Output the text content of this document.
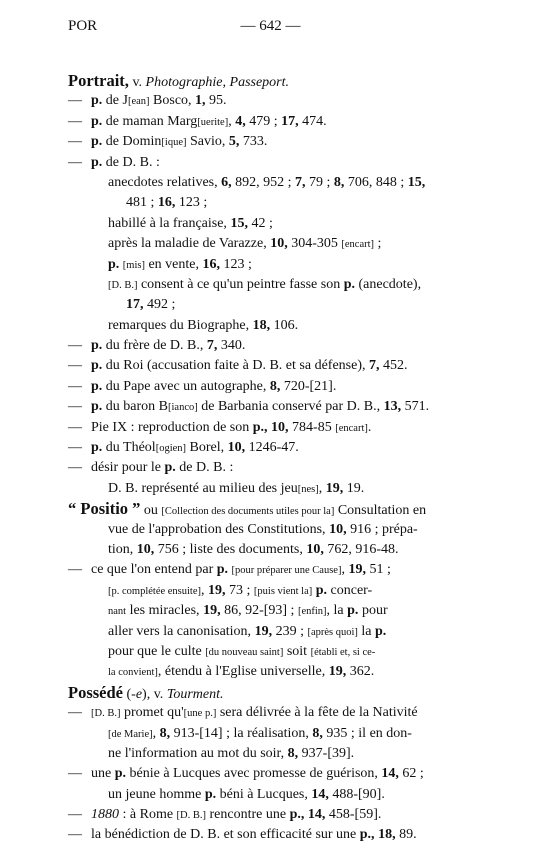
POR	— 642 —
Portrait, v. Photographie, Passeport.
— p. de J[ean] Bosco, 1, 95.
— p. de maman Marg[uerite], 4, 479 ; 17, 474.
— p. de Domin[ique] Savio, 5, 733.
— p. de D. B. :
anecdotes relatives, 6, 892, 952 ; 7, 79 ; 8, 706, 848 ; 15,
481 ; 16, 123 ;
habillé à la française, 15, 42 ;
après la maladie de Varazze, 10, 304-305 [encart] ;
p. [mis] en vente, 16, 123 ;
[D. B.] consent à ce qu'un peintre fasse son p. (anecdote),
17, 492 ;
remarques du Biographe, 18, 106.
— p. du frère de D. B., 7, 340.
— p. du Roi (accusation faite à D. B. et sa défense), 7, 452.
— p. du Pape avec un autographe, 8, 720-[21].
— p. du baron B[ianco] de Barbania conservé par D. B., 13, 571.
— Pie IX : reproduction de son p., 10, 784-85 [encart].
— p. du Théol[ogien] Borel, 10, 1246-47.
— désir pour le p. de D. B. :
D. B. représenté au milieu des jeu[nes], 19, 19.
“ Positio ” ou [Collection des documents utiles pour la] Consultation en
vue de l'approbation des Constitutions, 10, 916 ; prépa-
tion, 10, 756 ; liste des documents, 10, 762, 916-48.
— ce que l'on entend par p. [pour préparer une Cause], 19, 51 ;
[p. complétée ensuite], 19, 73 ; [puis vient la] p. concer-
nant les miracles, 19, 86, 92-[93] ; [enfin], la p. pour
aller vers la canonisation, 19, 239 ; [après quoi] la p.
pour que le culte [du nouveau saint] soit [établi et, si ce-
la convient], étendu à l'Eglise universelle, 19, 362.
Possédé (-e), v. Tourment.
— [D. B.] promet qu'[une p.] sera délivrée à la fête de la Nativité
[de Marie], 8, 913-[14] ; la réalisation, 8, 935 ; il en don-
ne l'information au mot du soir, 8, 937-[39].
— une p. bénie à Lucques avec promesse de guérison, 14, 62 ;
un jeune homme p. béni à Lucques, 14, 488-[90].
— 1880 : à Rome [D. B.] rencontre une p., 14, 458-[59].
— la bénédiction de D. B. et son efficacité sur une p., 18, 89.
